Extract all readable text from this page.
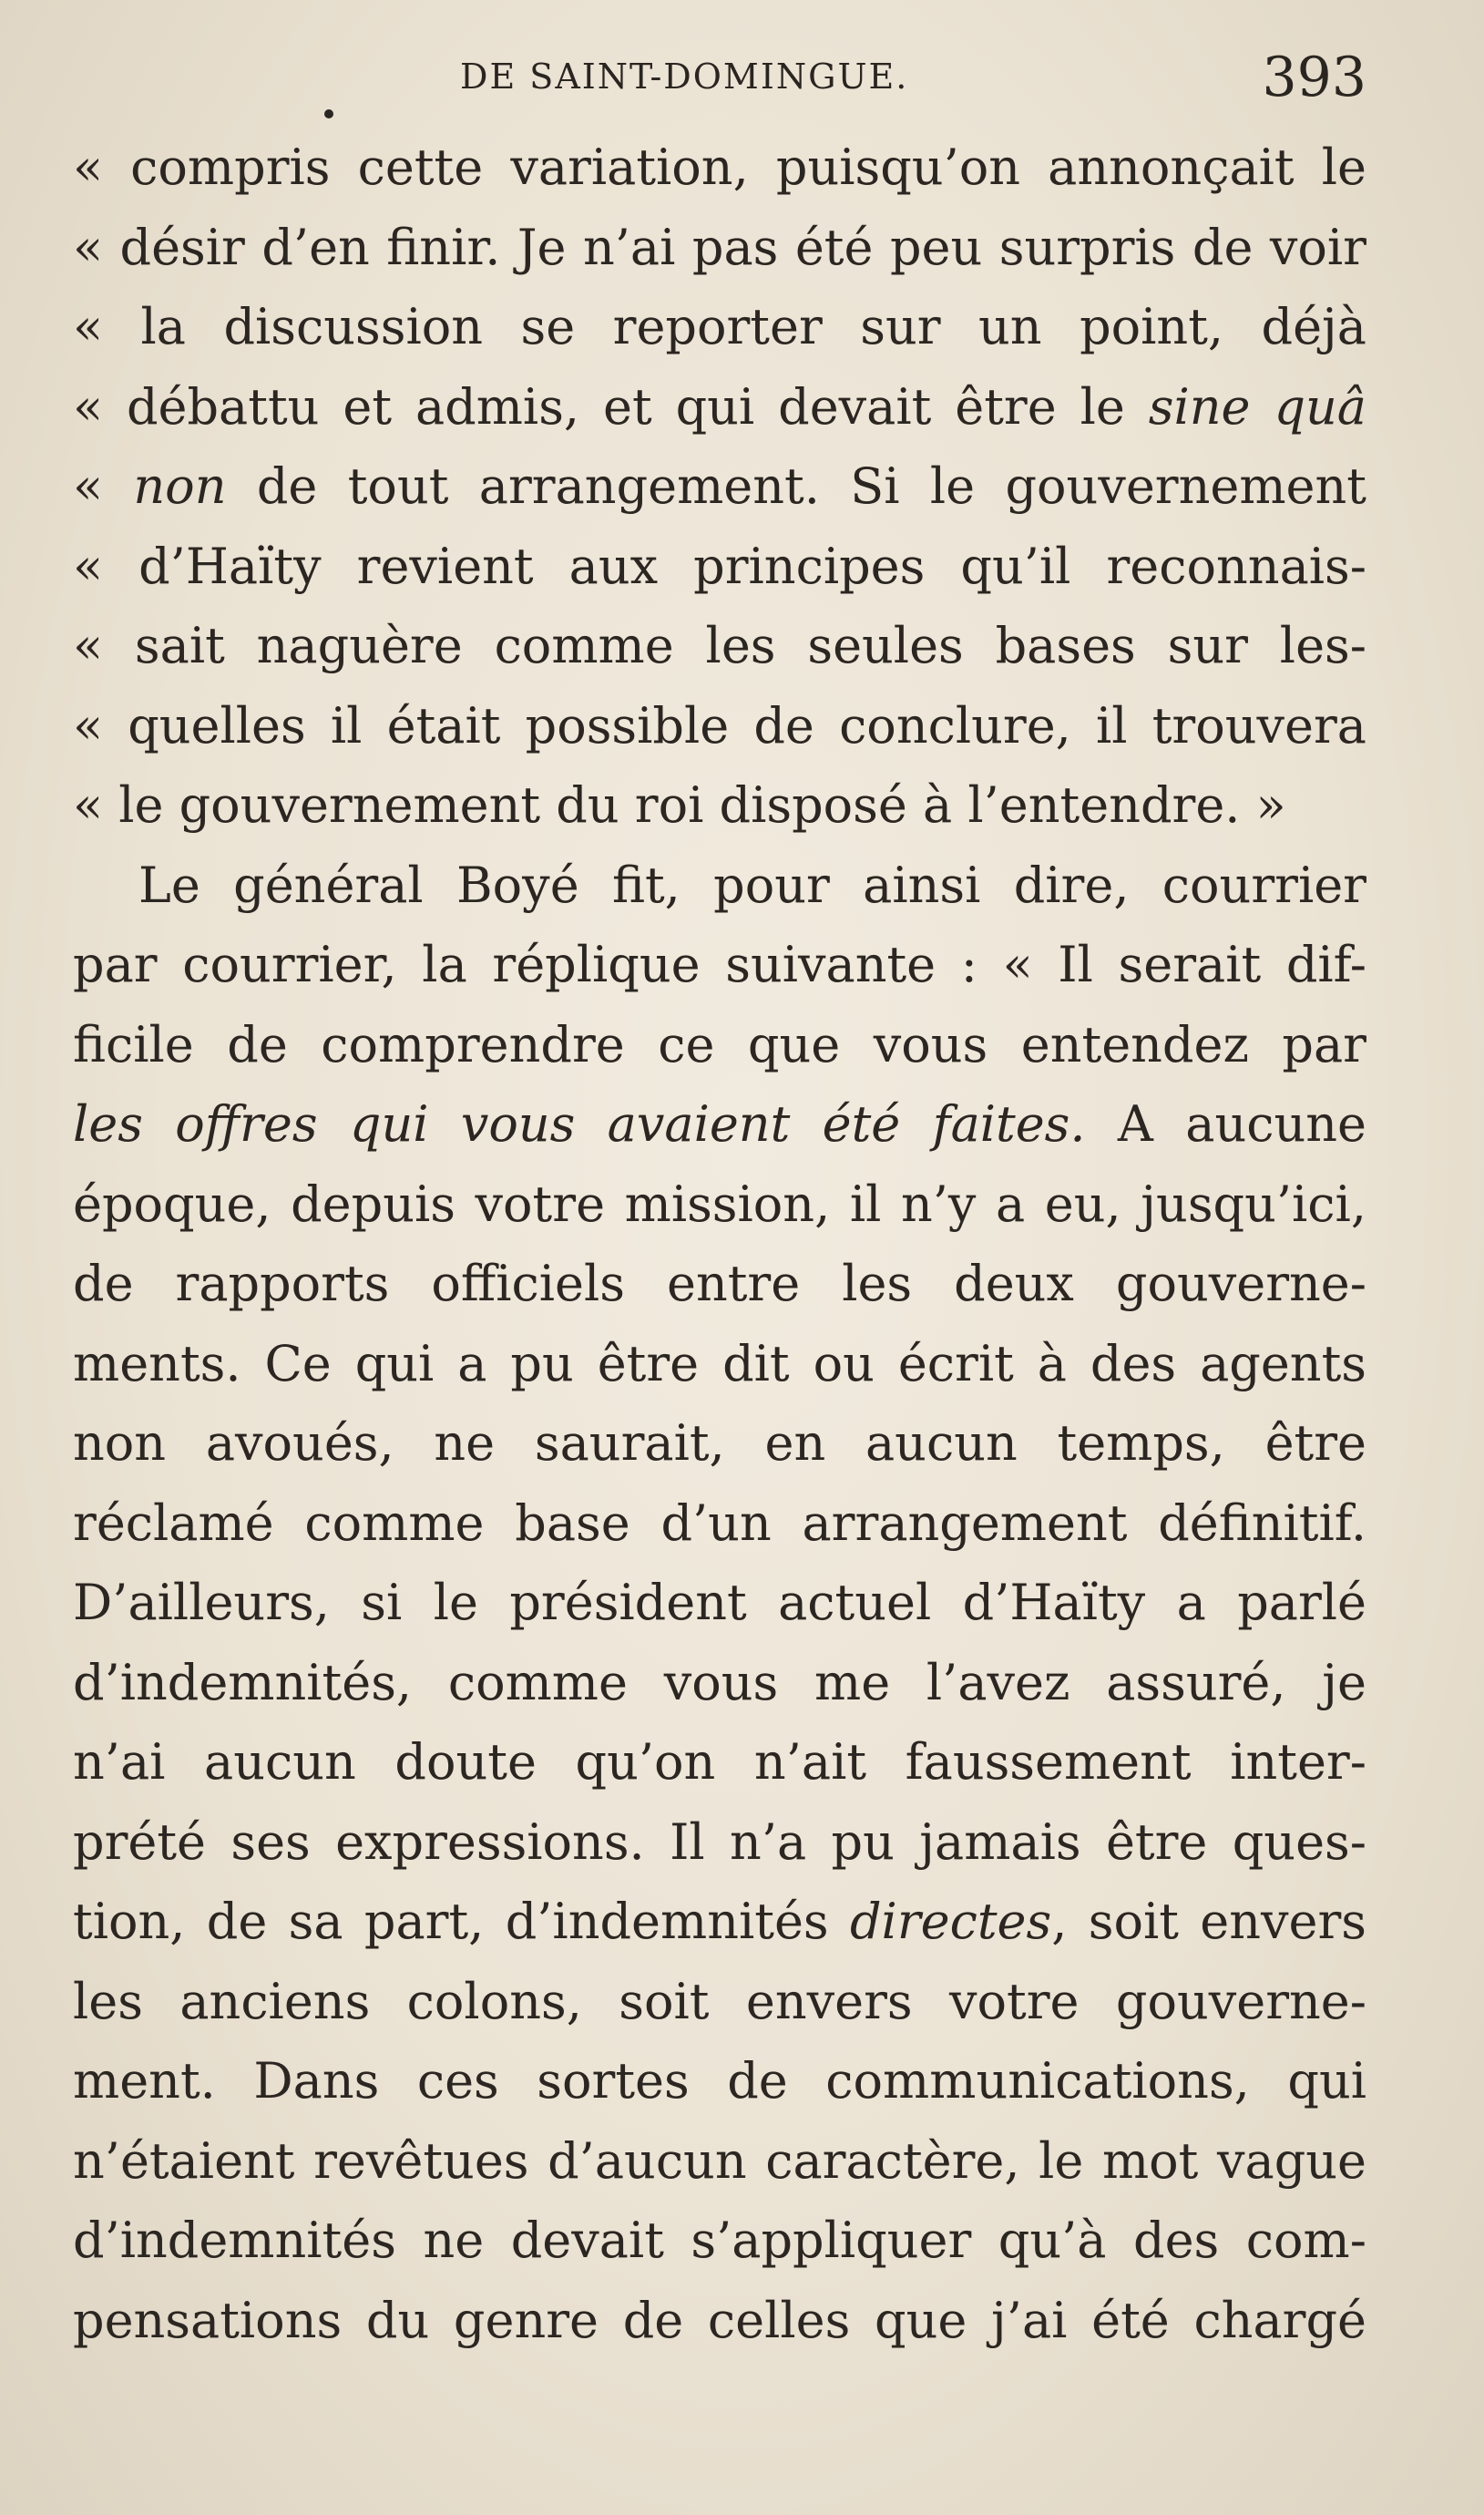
DE SAINT-DOMINGUE.	393
« compris cette variation, puisqu’on annonçait le
« désir d’en finir. Je n’ai pas été peu surpris de voir
« la discussion se reporter sur un point, déjà
« débattu et admis, et qui devait être le sine quâ
« non de tout arrangement. Si le gouvernement
« d’Haïty revient aux principes qu’il reconnais-
« sait naguère comme les seules bases sur les-
« quelles il était possible de conclure, il trouvera
« le gouvernement du roi disposé à l’entendre. »
Le général Boyé fit, pour ainsi dire, courrier
par courrier, la réplique suivante : « Il serait dif-
ficile de comprendre ce que vous entendez par
les offres qui vous avaient été faites. A aucune
époque, depuis votre mission, il n’y a eu, jusqu’ici,
de rapports officiels entre les deux gouverne-
ments. Ce qui a pu être dit ou écrit à des agents
non avoués, ne saurait, en aucun temps, être
réclamé comme base d’un arrangement définitif.
D’ailleurs, si le président actuel d’Haïty a parlé
d’indemnités, comme vous me l’avez assuré, je
n’ai aucun doute qu’on n’ait faussement inter-
prété ses expressions. Il n’a pu jamais être ques-
tion, de sa part, d’indemnités directes, soit envers
les anciens colons, soit envers votre gouverne-
ment. Dans ces sortes de communications, qui
n’étaient revêtues d’aucun caractère, le mot vague
d’indemnités ne devait s’appliquer qu’à des com-
pensations du genre de celles que j’ai été chargé
